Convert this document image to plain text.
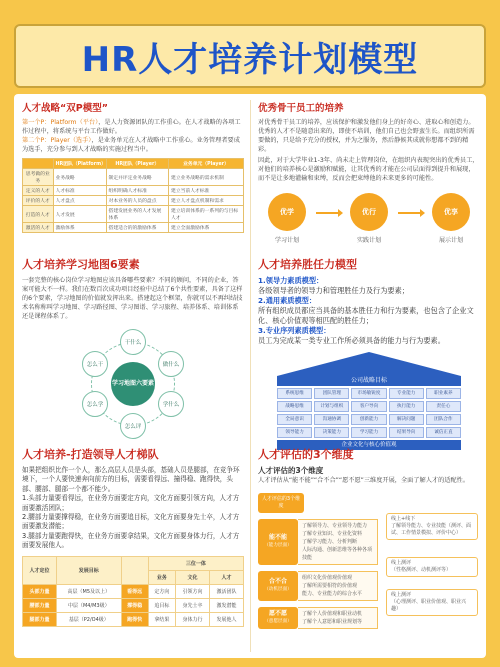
HR人才培养计划模型
人才战略“双P模型”
第一个P：Platform（平台），是人力资源团队的工作重心。在人才战略的各项工作过程中，将系统与平台工作做好。
第二个P：Player（选手），是业务单元在人才战略中工作重心。业务管理者要成为选手，充分参与到人才战略的实施过程当中。
	HR团队（Platform）	HR团队（Player）	业务单元（Player）
思考做的业务	业务战略	制定并评定业务战略	建立业务战略的需求机制
定义的人才	人才标准	组织明确人才标准	建立当前人才标准
评价的人才	人才盘点	对本业务的人员的盘点	建立人才盘点机制和需求
打造的人才	人才发展	搭建发展业务的人才发展体系	建立培训体系的一系列的与目标人才
激活的人才	激励体系	搭建适合的的激励体系	建立全面激励体系
优秀骨干员工的培养
对优秀骨干员工的培养，应该保护和激发他们身上的好奇心、进取心和创造力。优秀的人才不是随意出来的，即使不培训，他们自己也会野蛮生长。而组织所需要做的，只是给予充分的授权，并为之服务，然后静候其成就你想都不到的精彩。
因此，对于大学毕业1-3年、尚未走上管理岗位，在组织内表现突出的优秀员工，对他们的培养核心是激励和赋能，让其优秀的才能在公司层面得到提升和展现，而不是让多地灌输和束缚，反而会把束缚他的未来更多的可能性。
优学
学习计划
优行
实践计划
优享
展示计划
人才培养学习地图6要素
一套完整的核心岗位学习地图应该具备哪些要素？不同的顾问，不同的企业，答案可能大不一样。我们在数百次成功项目经验中总结了6个共性要素，具备了这样的6个要素，学习地图的价值就发挥出来。搭建起这个框架，你就可以不再纠结技术名称称叫学习地图、学习路径图、学习图谱、学习旅程、培养体系、培训体系还是课程体系了。
学习地图六要素
干什么
怎么干	做什么
怎么学	学什么
怎么评
人才培养胜任力模型
1.领导力素质模型：
各级领导者的领导力和管理胜任力及行为要素；
2.通用素质模型：
所有组织成员都应当具备的基本胜任力和行为要素，也包含了企业文化、核心价值观等相匹配的胜任力；
3.专业序列素质模型：
员工为完成某一类专业工作所必须具备的能力与行为要素。
公司战略目标
系统思维
战略思维
全局意识
领导能力
团队管理
计划与组织
沟通协调
决策能力
市场敏锐度
客户导向
创新能力
学习能力
专业能力
执行能力
解决问题
结果导向
职业素养
责任心
团队合作
诚信正直
企业文化与核心价值观
人才培养-打造领导人才梯队
如果把组织比作一个人，那么高层人员是头部，基础人员是腿部，在竞争环境下，一个人要快速奔向前方的目标，需要看得远、撞得稳、跑得快，头部、腰部、腿部一个都不能少。
1.头部力量要看得远，在业务方面要定方向，文化方面要引领方向，人才方面要激活团队；
2.腰部力量要撑得稳，在业务方面要追目标，文化方面要身先士卒，人才方面要激发潜能；
3.腿部力量要跑得快，在业务方面要拿结果，文化方面要身体力行，人才方面要发展他人。
人才定位	发展目标		三位一体		
			业务	文化	人才
头部力量	高层（M5及以上）	看得远	定方向	引领方向	激活团队
腰部力量	中层（M4/M3级）	撑得稳	追目标	身先士卒	激发潜能
腿部力量	基层（P2/O4级）	跑得快	拿结果	身体力行	发展他人
人才评估的3个维度
人才评估的3个维度
人才评估从“能不能”“合不合”“愿不愿”三维度开展，全面了解人才的适配性。
人才评估的3个维度
能不能
（能力层面）
了解领导力、专业领导力能力
了解专业知识、专业化资料
了解学习能力、分析判断
人际沟通、创新思维等各种各项技能
合不合
（动机层面）
组织文化价值观价值观
了解所需要相符的价值观
能力、专业能力的综合水平
愿不愿
（意愿层面）
了解个人价值观和职业动机
了解个人意愿和职业规划等
线上+线下
了解领导能力、专业技能（测评、面试、工作情景模拟、评价中心）
线上测评
（性格测评、动机测评等）
线上测评
（心理测评、职业价值观、职业兴趣）
